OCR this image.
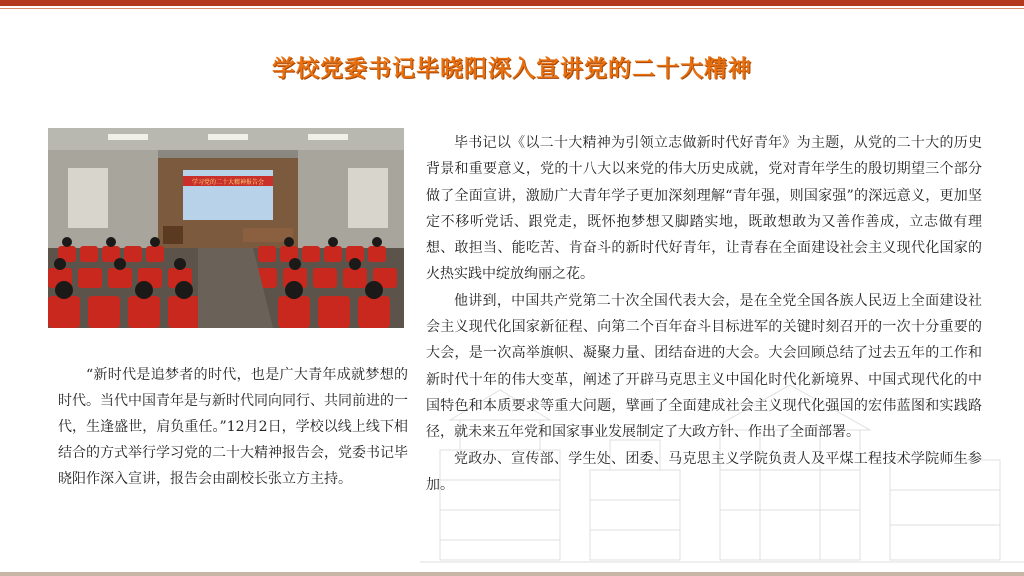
学校党委书记毕晓阳深入宣讲党的二十大精神
学习党的二十大精神报告会

“新时代是追梦者的时代，也是广大青年成就梦想的时代。当代中国青年是与新时代同向同行、共同前进的一代，生逢盛世，肩负重任。”12月2日，学校以线上线下相结合的方式举行学习党的二十大精神报告会，党委书记毕晓阳作深入宣讲，报告会由副校长张立方主持。

毕书记以《以二十大精神为引领立志做新时代好青年》为主题，从党的二十大的历史背景和重要意义，党的十八大以来党的伟大历史成就，党对青年学生的殷切期望三个部分做了全面宣讲，激励广大青年学子更加深刻理解“青年强，则国家强”的深远意义，更加坚定不移听党话、跟党走，既怀抱梦想又脚踏实地，既敢想敢为又善作善成，立志做有理想、敢担当、能吃苦、肯奋斗的新时代好青年，让青春在全面建设社会主义现代化国家的火热实践中绽放绚丽之花。

他讲到，中国共产党第二十次全国代表大会，是在全党全国各族人民迈上全面建设社会主义现代化国家新征程、向第二个百年奋斗目标进军的关键时刻召开的一次十分重要的大会，是一次高举旗帜、凝聚力量、团结奋进的大会。大会回顾总结了过去五年的工作和新时代十年的伟大变革，阐述了开辟马克思主义中国化时代化新境界、中国式现代化的中国特色和本质要求等重大问题，擘画了全面建成社会主义现代化强国的宏伟蓝图和实践路径，就未来五年党和国家事业发展制定了大政方针、作出了全面部署。

党政办、宣传部、学生处、团委、马克思主义学院负责人及平煤工程技术学院师生参加。
